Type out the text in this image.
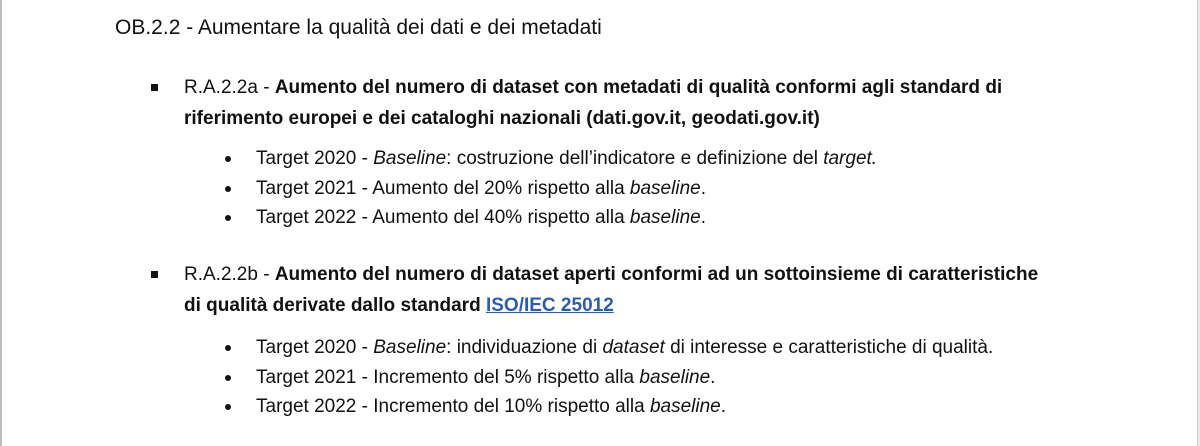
OB.2.2 - Aumentare la qualità dei dati e dei metadati
R.A.2.2a - Aumento del numero di dataset con metadati di qualità conformi agli standard di riferimento europei e dei cataloghi nazionali (dati.gov.it, geodati.gov.it)
Target 2020 - Baseline: costruzione dell’indicatore e definizione del target.
Target 2021 - Aumento del 20% rispetto alla baseline.
Target 2022 - Aumento del 40% rispetto alla baseline.
R.A.2.2b - Aumento del numero di dataset aperti conformi ad un sottoinsieme di caratteristiche di qualità derivate dallo standard ISO/IEC 25012
Target 2020 - Baseline: individuazione di dataset di interesse e caratteristiche di qualità.
Target 2021 - Incremento del 5% rispetto alla baseline.
Target 2022 - Incremento del 10% rispetto alla baseline.
